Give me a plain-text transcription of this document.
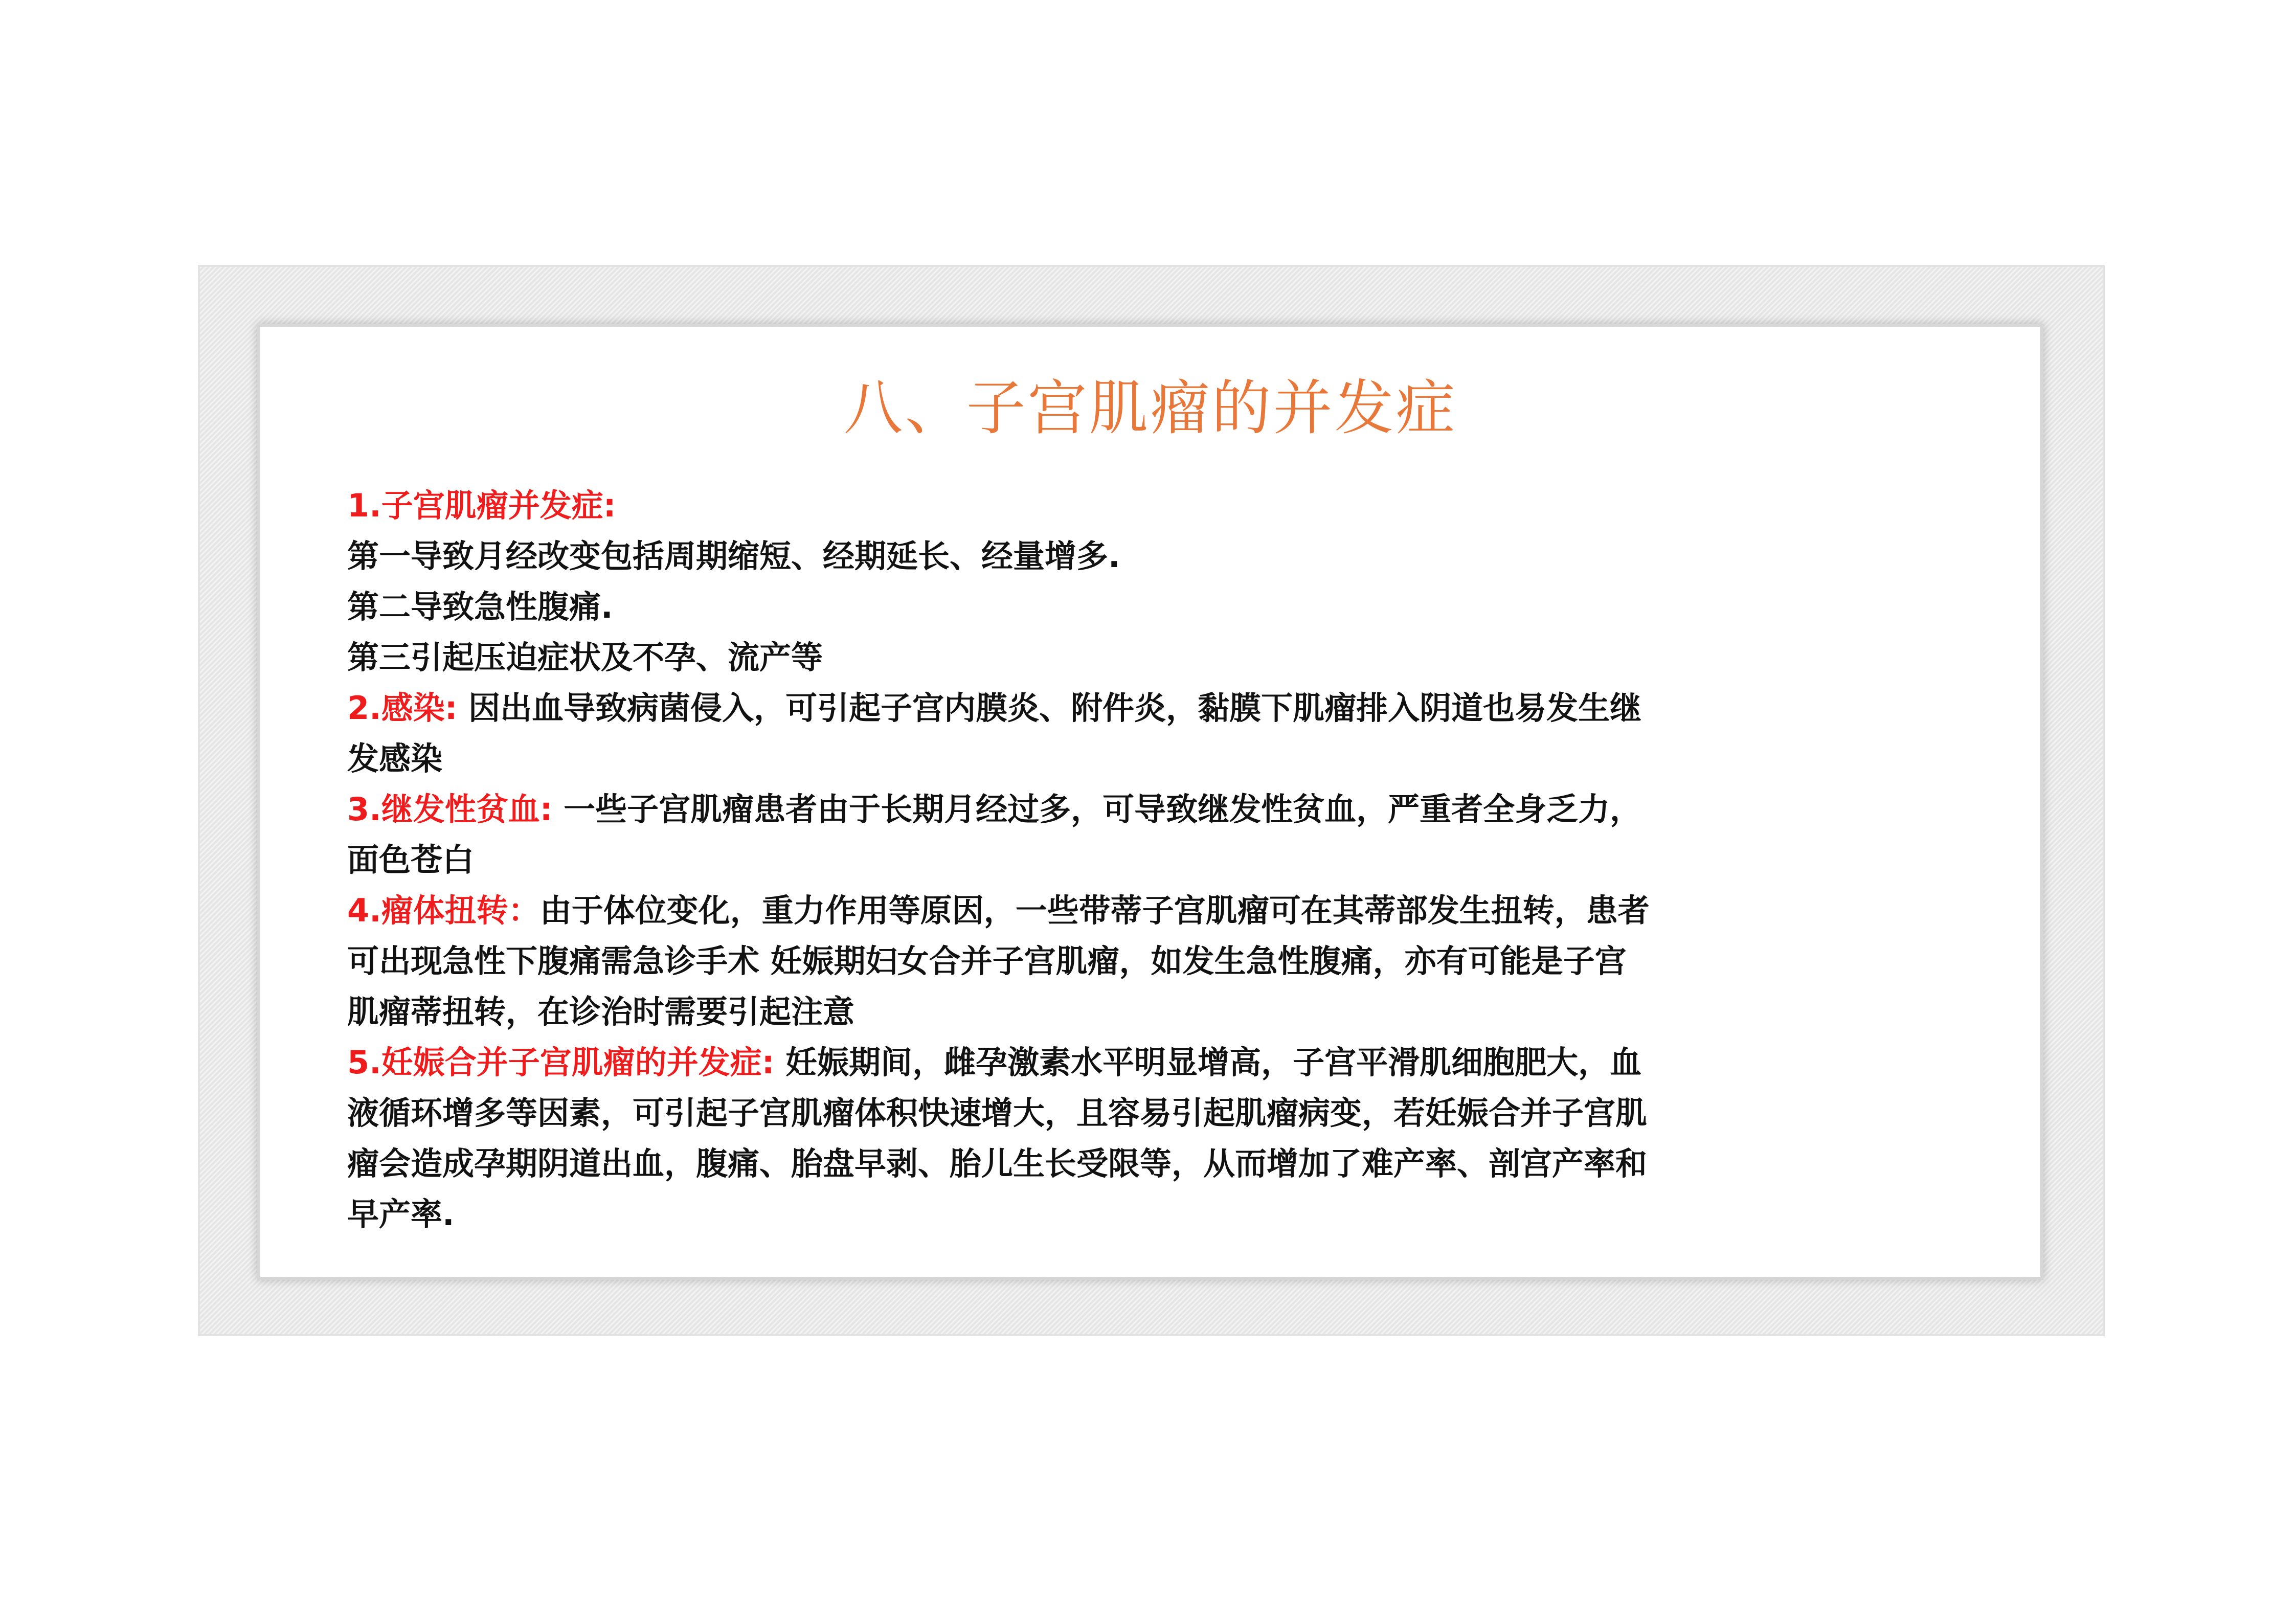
八、子宫肌瘤的并发症
1.子宫肌瘤并发症:
第一导致月经改变包括周期缩短、经期延长、经量增多.
第二导致急性腹痛.
第三引起压迫症状及不孕、流产等
2.感染: 因出血导致病菌侵入，可引起子宫内膜炎、附件炎，黏膜下肌瘤排入阴道也易发生继
发感染
3.继发性贫血: 一些子宫肌瘤患者由于长期月经过多，可导致继发性贫血，严重者全身乏力，
面色苍白
4.瘤体扭转：由于体位变化，重力作用等原因，一些带蒂子宫肌瘤可在其蒂部发生扭转，患者
可出现急性下腹痛需急诊手术 妊娠期妇女合并子宫肌瘤，如发生急性腹痛，亦有可能是子宫
肌瘤蒂扭转，在诊治时需要引起注意
5.妊娠合并子宫肌瘤的并发症: 妊娠期间，雌孕激素水平明显增高，子宫平滑肌细胞肥大，血
液循环增多等因素，可引起子宫肌瘤体积快速增大，且容易引起肌瘤病变，若妊娠合并子宫肌
瘤会造成孕期阴道出血，腹痛、胎盘早剥、胎儿生长受限等，从而增加了难产率、剖宫产率和
早产率.
